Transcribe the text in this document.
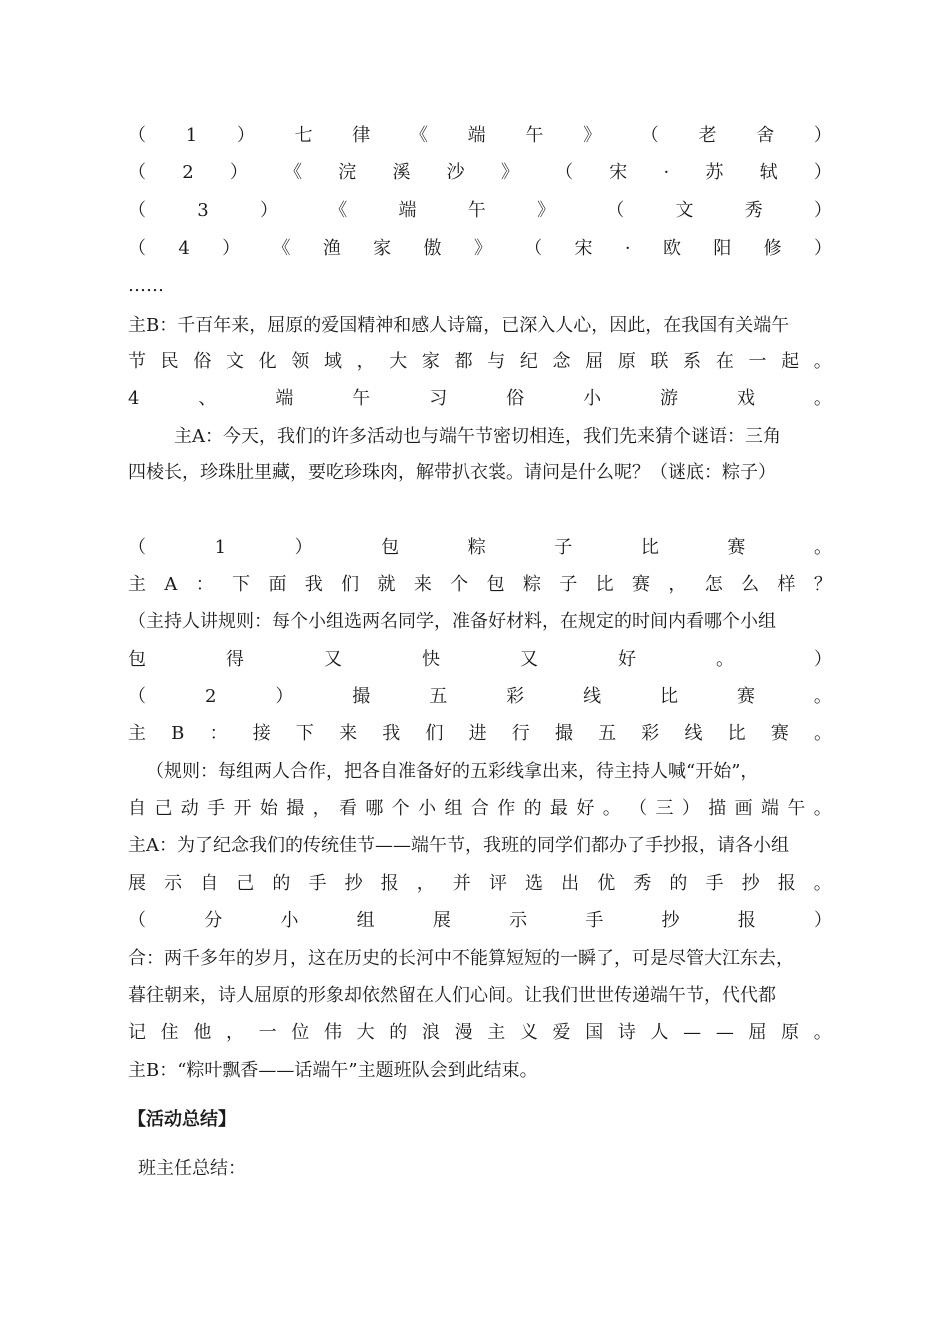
（ 1 ） 七 律 《 端 午 》 （ 老 舍 ）
（ 2 ） 《 浣 溪 沙 》 （ 宋 · 苏 轼 ）
（	3	）	《	端	午	》	（	文	秀	）
（ 4 ） 《 渔 家 傲 》 （ 宋 · 欧 阳 修 ）
……
主B：千百年来，屈原的爱国精神和感人诗篇，已深入人心，因此，在我国有关端午
节 民 俗 文 化 领 域 ， 大 家 都 与 纪 念 屈 原 联 系 在 一 起 。
4	、	端	午	习	俗	小	游	戏	。
主A：今天，我们的许多活动也与端午节密切相连，我们先来猜个谜语：三角
四棱长，珍珠肚里藏，要吃珍珠肉，解带扒衣裳。请问是什么呢？（谜底：粽子）
（	1	）	包	粽	子	比	赛	。
主 A ： 下 面 我 们 就 来 个 包 粽 子 比 赛 ， 怎 么 样 ？
（主持人讲规则：每个小组选两名同学，准备好材料，在规定的时间内看哪个小组
包	得	又	快	又	好	。	）
（	2	）	撮	五	彩	线	比	赛	。
主 B ： 接 下 来 我 们 进 行 撮 五 彩 线 比 赛 。
（规则：每组两人合作，把各自准备好的五彩线拿出来，待主持人喊“开始”，
自 己 动 手 开 始 撮 ， 看 哪 个 小 组 合 作 的 最 好 。 （ 三 ） 描 画 端 午 。
主A：为了纪念我们的传统佳节——端午节，我班的同学们都办了手抄报，请各小组
展 示 自 己 的 手 抄 报 ， 并 评 选 出 优 秀 的 手 抄 报 。
（	分	小	组	展	示	手	抄	报	）
合：两千多年的岁月，这在历史的长河中不能算短短的一瞬了，可是尽管大江东去，
暮往朝来，诗人屈原的形象却依然留在人们心间。让我们世世传递端午节，代代都
记 住 他 ， 一 位 伟 大 的 浪 漫 主 义 爱 国 诗 人 — — 屈 原 。
主B：“粽叶飘香——话端午”主题班队会到此结束。
【活动总结】
班主任总结：
